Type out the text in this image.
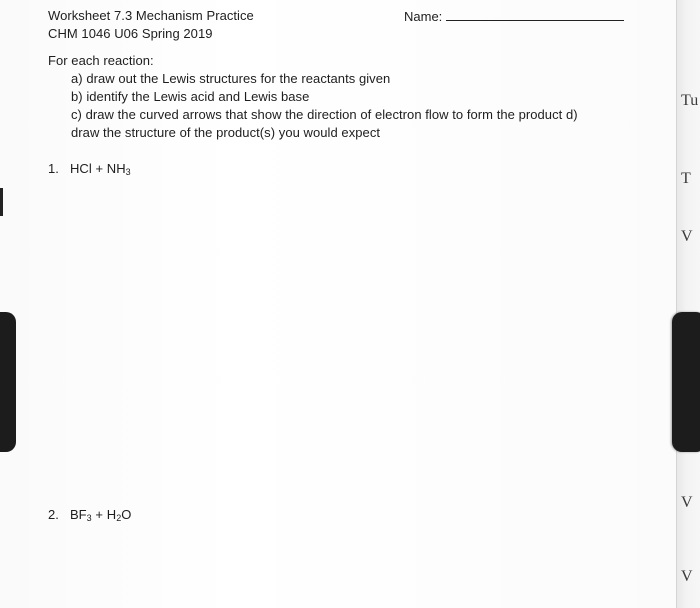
Worksheet 7.3 Mechanism Practice
CHM 1046 U06 Spring 2019
Name:
For each reaction:
a) draw out the Lewis structures for the reactants given
b) identify the Lewis acid and Lewis base
c) draw the curved arrows that show the direction of electron flow to form the product d)
draw the structure of the product(s) you would expect
1. HCl + $NH_3$
2. $BF_3 + H_2O$
Tu
T
V
V
V
